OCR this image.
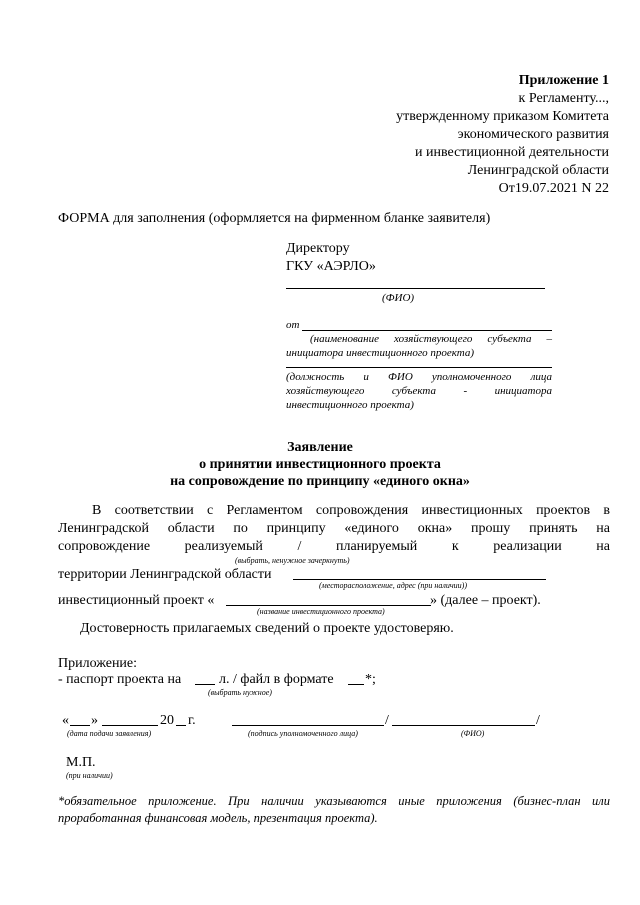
Приложение 1
к Регламенту...,
утвержденному приказом Комитета
экономического развития
и инвестиционной деятельности
Ленинградской области
От19.07.2021 N 22
ФОРМА для заполнения (оформляется на фирменном бланке заявителя)
Директору
ГКУ «АЭРЛО»
(ФИО)
от
(наименование хозяйствующего субъекта –
инициатора инвестиционного проекта)
(должность и ФИО уполномоченного лица
хозяйствующего субъекта - инициатора
инвестиционного проекта)
Заявление
о принятии инвестиционного проекта
на сопровождение по принципу «единого окна»
В соответствии с Регламентом сопровождения инвестиционных проектов в
Ленинградской области по принципу «единого окна» прошу принять на
сопровождение реализуемый / планируемый к реализации на
(выбрать, ненужное зачеркнуть)
территории Ленинградской области
(месторасположение, адрес (при наличии))
инвестиционный проект «	» (далее – проект).
(название инвестиционного проекта)
Достоверность прилагаемых сведений о проекте удостоверяю.
Приложение:
- паспорт проекта на	л. / файл в формате *;
(выбрать нужное)
« »	20 г.
(дата подачи заявления)
/	/
(подпись уполномоченного лица)	(ФИО)
М.П.
(при наличии)
*обязательное приложение. При наличии указываются иные приложения (бизнес-план или
проработанная финансовая модель, презентация проекта).
